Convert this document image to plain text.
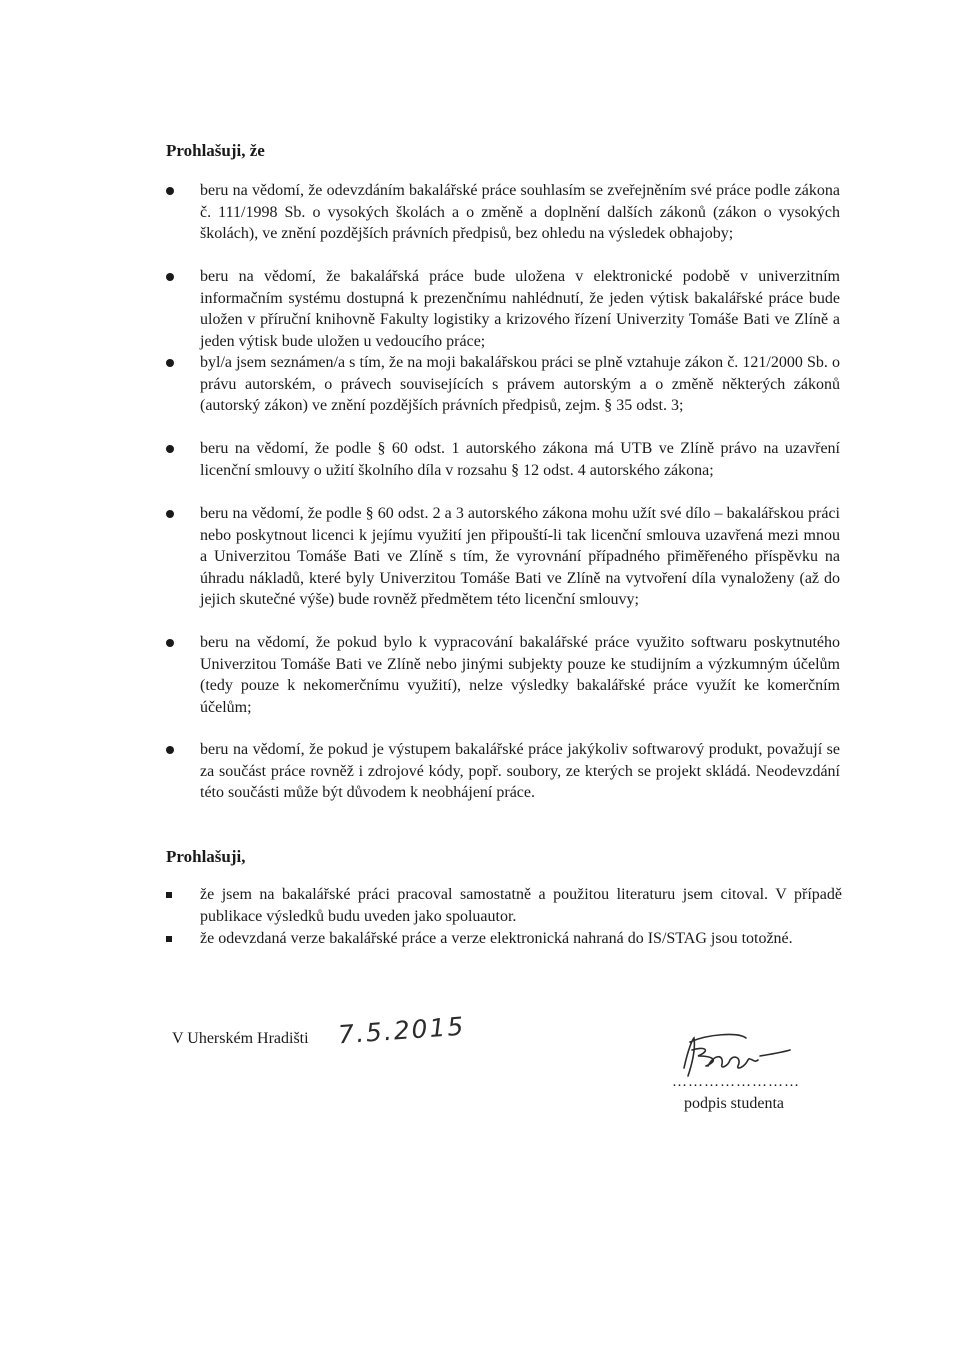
Prohlašuji, že
beru na vědomí, že odevzdáním bakalářské práce souhlasím se zveřejněním své práce podle zákona č. 111/1998 Sb. o vysokých školách a o změně a doplnění dalších zákonů (zákon o vysokých školách), ve znění pozdějších právních předpisů, bez ohledu na výsledek obhajoby;
beru na vědomí, že bakalářská práce bude uložena v elektronické podobě v univerzitním informačním systému dostupná k prezenčnímu nahlédnutí, že jeden výtisk bakalářské práce bude uložen v příruční knihovně Fakulty logistiky a krizového řízení Univerzity Tomáše Bati ve Zlíně a jeden výtisk bude uložen u vedoucího práce;
byl/a jsem seznámen/a s tím, že na moji bakalářskou práci se plně vztahuje zákon č. 121/2000 Sb. o právu autorském, o právech souvisejících s právem autorským a o změně některých zákonů (autorský zákon) ve znění pozdějších právních předpisů, zejm. § 35 odst. 3;
beru na vědomí, že podle § 60 odst. 1 autorského zákona má UTB ve Zlíně právo na uzavření licenční smlouvy o užití školního díla v rozsahu § 12 odst. 4 autorského zákona;
beru na vědomí, že podle § 60 odst. 2 a 3 autorského zákona mohu užít své dílo – bakalářskou práci nebo poskytnout licenci k jejímu využití jen připouští-li tak licenční smlouva uzavřená mezi mnou a Univerzitou Tomáše Bati ve Zlíně s tím, že vyrovnání případného přiměřeného příspěvku na úhradu nákladů, které byly Univerzitou Tomáše Bati ve Zlíně na vytvoření díla vynaloženy (až do jejich skutečné výše) bude rovněž předmětem této licenční smlouvy;
beru na vědomí, že pokud bylo k vypracování bakalářské práce využito softwaru poskytnutého Univerzitou Tomáše Bati ve Zlíně nebo jinými subjekty pouze ke studijním a výzkumným účelům (tedy pouze k nekomerčnímu využití), nelze výsledky bakalářské práce využít ke komerčním účelům;
beru na vědomí, že pokud je výstupem bakalářské práce jakýkoliv softwarový produkt, považují se za součást práce rovněž i zdrojové kódy, popř. soubory, ze kterých se projekt skládá. Neodevzdání této součásti může být důvodem k neobhájení práce.
Prohlašuji,
že jsem na bakalářské práci pracoval samostatně a použitou literaturu jsem citoval. V případě publikace výsledků budu uveden jako spoluautor.
že odevzdaná verze bakalářské práce a verze elektronická nahraná do IS/STAG jsou totožné.
V Uherském Hradišti 7.5.2015
……………………
podpis studenta
